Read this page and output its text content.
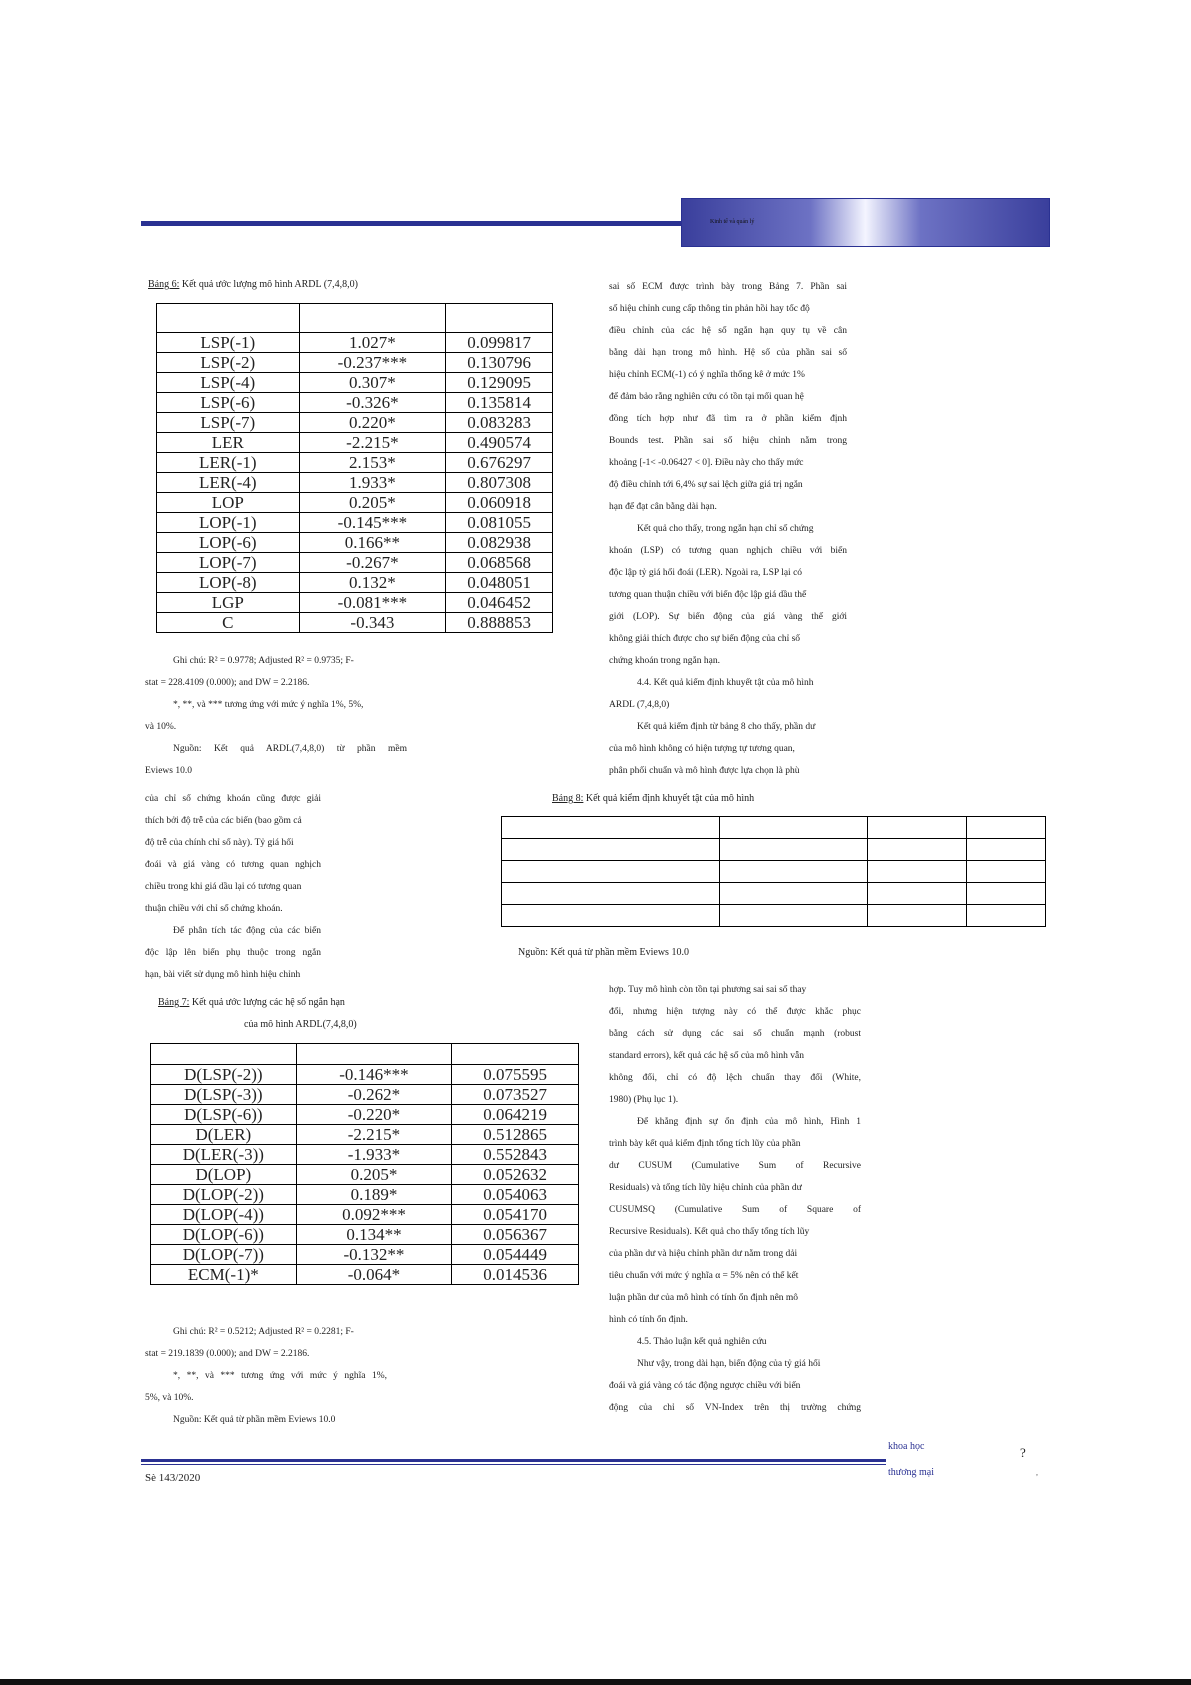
Kinh tế và quản lý
Bảng 6: Kết quả ước lượng mô hình ARDL (7,4,8,0)

LSP(-1)	1.027*	0.099817
LSP(-2)	-0.237***	0.130796
LSP(-4)	0.307*	0.129095
LSP(-6)	-0.326*	0.135814
LSP(-7)	0.220*	0.083283
LER	-2.215*	0.490574
LER(-1)	2.153*	0.676297
LER(-4)	1.933*	0.807308
LOP	0.205*	0.060918
LOP(-1)	-0.145***	0.081055
LOP(-6)	0.166**	0.082938
LOP(-7)	-0.267*	0.068568
LOP(-8)	0.132*	0.048051
LGP	-0.081***	0.046452
C	-0.343	0.888853
Ghi chú: R² = 0.9778; Adjusted R² = 0.9735; F-
stat = 228.4109 (0.000); and DW = 2.2186.
*, **, và *** tương ứng với mức ý nghĩa 1%, 5%,
và 10%.
Nguồn: Kết quả ARDL(7,4,8,0) từ phần mềm
Eviews 10.0
của chỉ số chứng khoán cũng được giải
thích bởi độ trễ của các biến (bao gồm cả
độ trễ của chính chỉ số này). Tỷ giá hối
đoái và giá vàng có tương quan nghịch
chiều trong khi giá dầu lại có tương quan
thuận chiều với chỉ số chứng khoán.
Để phân tích tác động của các biến
độc lập lên biến phụ thuộc trong ngắn
hạn, bài viết sử dụng mô hình hiệu chỉnh
Bảng 7: Kết quả ước lượng các hệ số ngắn hạn
của mô hình ARDL(7,4,8,0)

D(LSP(-2))	-0.146***	0.075595
D(LSP(-3))	-0.262*	0.073527
D(LSP(-6))	-0.220*	0.064219
D(LER)	-2.215*	0.512865
D(LER(-3))	-1.933*	0.552843
D(LOP)	0.205*	0.052632
D(LOP(-2))	0.189*	0.054063
D(LOP(-4))	0.092***	0.054170
D(LOP(-6))	0.134**	0.056367
D(LOP(-7))	-0.132**	0.054449
ECM(-1)*	-0.064*	0.014536
Ghi chú: R² = 0.5212; Adjusted R² = 0.2281; F-
stat = 219.1839 (0.000); and DW = 2.2186.
*, **, và *** tương ứng với mức ý nghĩa 1%,
5%, và 10%.
Nguồn: Kết quả từ phần mềm Eviews 10.0
sai số ECM được trình bày trong Bảng 7. Phần sai
số hiệu chỉnh cung cấp thông tin phản hồi hay tốc độ
điều chỉnh của các hệ số ngắn hạn quy tụ về cân
bằng dài hạn trong mô hình. Hệ số của phần sai số
hiệu chỉnh ECM(-1) có ý nghĩa thống kê ở mức 1%
để đảm bảo rằng nghiên cứu có tồn tại mối quan hệ
đồng tích hợp như đã tìm ra ở phần kiểm định
Bounds test. Phần sai số hiệu chỉnh nằm trong
khoảng [-1< -0.06427 < 0]. Điều này cho thấy mức
độ điều chỉnh tới 6,4% sự sai lệch giữa giá trị ngắn
hạn để đạt cân bằng dài hạn.
Kết quả cho thấy, trong ngắn hạn chỉ số chứng
khoán (LSP) có tương quan nghịch chiều với biến
độc lập tỷ giá hối đoái (LER). Ngoài ra, LSP lại có
tương quan thuận chiều với biến độc lập giá dầu thế
giới (LOP). Sự biến động của giá vàng thế giới
không giải thích được cho sự biến động của chỉ số
chứng khoán trong ngắn hạn.
4.4. Kết quả kiểm định khuyết tật của mô hình
ARDL (7,4,8,0)
Kết quả kiểm định từ bảng 8 cho thấy, phần dư
của mô hình không có hiện tượng tự tương quan,
phân phối chuẩn và mô hình được lựa chọn là phù
Bảng 8: Kết quả kiểm định khuyết tật của mô hình

Nguồn: Kết quả từ phần mềm Eviews 10.0
hợp. Tuy mô hình còn tồn tại phương sai sai số thay
đổi, nhưng hiện tượng này có thể được khắc phục
bằng cách sử dụng các sai số chuẩn mạnh (robust
standard errors), kết quả các hệ số của mô hình vẫn
không đổi, chỉ có độ lệch chuẩn thay đổi (White,
1980) (Phụ lục 1).
Để khẳng định sự ổn định của mô hình, Hình 1
trình bày kết quả kiểm định tổng tích lũy của phần
dư CUSUM (Cumulative Sum of Recursive
Residuals) và tổng tích lũy hiệu chỉnh của phần dư
CUSUMSQ (Cumulative Sum of Square of
Recursive Residuals). Kết quả cho thấy tổng tích lũy
của phần dư và hiệu chỉnh phần dư nằm trong dải
tiêu chuẩn với mức ý nghĩa α = 5% nên có thể kết
luận phần dư của mô hình có tính ổn định nên mô
hình có tính ổn định.
4.5. Thảo luận kết quả nghiên cứu
Như vậy, trong dài hạn, biến động của tỷ giá hối
đoái và giá vàng có tác động ngược chiều với biến
động của chỉ số VN-Index trên thị trường chứng
khoa học
thương mại
?
,
Sè 143/2020
